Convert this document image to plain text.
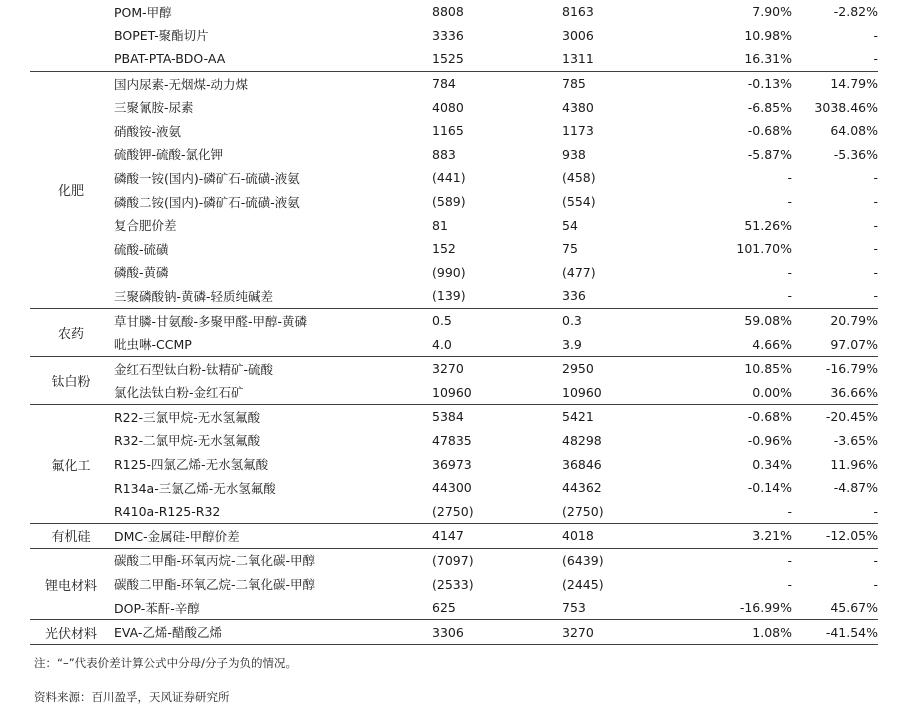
POM-甲醇	8808	8163	7.90%	-2.82%
BOPET-聚酯切片	3336	3006	10.98%	-
PBAT-PTA-BDO-AA	1525	1311	16.31%	-
化肥
国内尿素-无烟煤-动力煤	784	785	-0.13%	14.79%
三聚氰胺-尿素	4080	4380	-6.85%	3038.46%
硝酸铵-液氨	1165	1173	-0.68%	64.08%
硫酸钾-硫酸-氯化钾	883	938	-5.87%	-5.36%
磷酸一铵(国内)-磷矿石-硫磺-液氨	(441)	(458)	-	-
磷酸二铵(国内)-磷矿石-硫磺-液氨	(589)	(554)	-	-
复合肥价差	81	54	51.26%	-
硫酸-硫磺	152	75	101.70%	-
磷酸-黄磷	(990)	(477)	-	-
三聚磷酸钠-黄磷-轻质纯碱差	(139)	336	-	-
农药
草甘膦-甘氨酸-多聚甲醛-甲醇-黄磷	0.5	0.3	59.08%	20.79%
吡虫啉-CCMP	4.0	3.9	4.66%	97.07%
钛白粉
金红石型钛白粉-钛精矿-硫酸	3270	2950	10.85%	-16.79%
氯化法钛白粉-金红石矿	10960	10960	0.00%	36.66%
氟化工
R22-三氯甲烷-无水氢氟酸	5384	5421	-0.68%	-20.45%
R32-二氯甲烷-无水氢氟酸	47835	48298	-0.96%	-3.65%
R125-四氯乙烯-无水氢氟酸	36973	36846	0.34%	11.96%
R134a-三氯乙烯-无水氢氟酸	44300	44362	-0.14%	-4.87%
R410a-R125-R32	(2750)	(2750)	-	-
有机硅	DMC-金属硅-甲醇价差	4147	4018	3.21%	-12.05%
锂电材料
碳酸二甲酯-环氧丙烷-二氧化碳-甲醇	(7097)	(6439)	-	-
碳酸二甲酯-环氧乙烷-二氧化碳-甲醇	(2533)	(2445)	-	-
DOP-苯酐-辛醇	625	753	-16.99%	45.67%
光伏材料	EVA-乙烯-醋酸乙烯	3306	3270	1.08%	-41.54%
注：“–”代表价差计算公式中分母/分子为负的情况。
资料来源：百川盈孚，天风证券研究所
